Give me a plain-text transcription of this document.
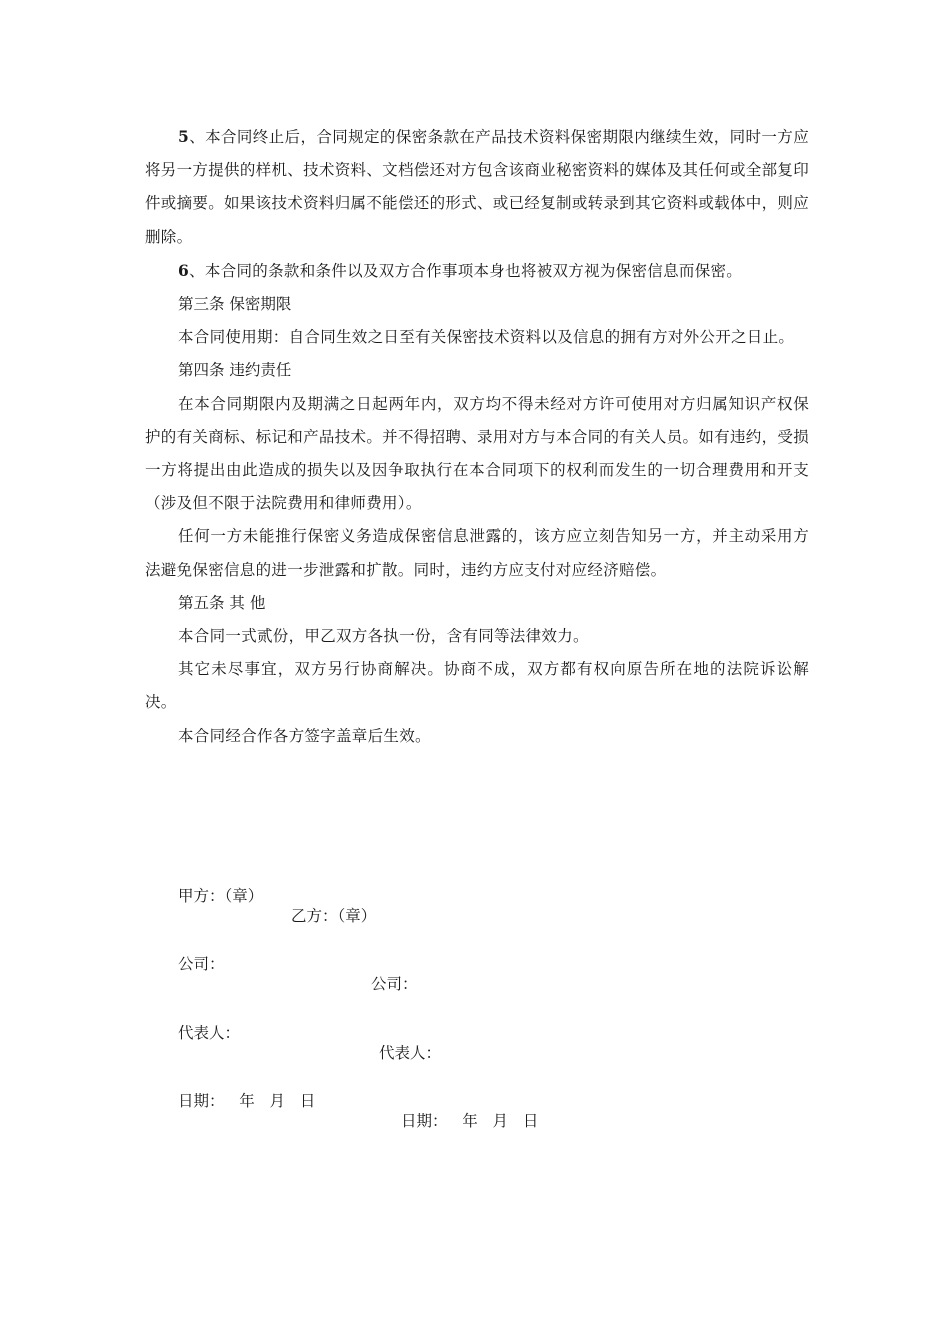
5、本合同终止后，合同规定的保密条款在产品技术资料保密期限内继续生效，同时一方应将另一方提供的样机、技术资料、文档偿还对方包含该商业秘密资料的媒体及其任何或全部复印件或摘要。如果该技术资料归属不能偿还的形式、或已经复制或转录到其它资料或载体中，则应删除。

6、本合同的条款和条件以及双方合作事项本身也将被双方视为保密信息而保密。

第三条 保密期限

本合同使用期：自合同生效之日至有关保密技术资料以及信息的拥有方对外公开之日止。

第四条 违约责任

在本合同期限内及期满之日起两年内，双方均不得未经对方许可使用对方归属知识产权保护的有关商标、标记和产品技术。并不得招聘、录用对方与本合同的有关人员。如有违约，受损一方将提出由此造成的损失以及因争取执行在本合同项下的权利而发生的一切合理费用和开支（涉及但不限于法院费用和律师费用）。

任何一方未能推行保密义务造成保密信息泄露的，该方应立刻告知另一方，并主动采用方法避免保密信息的进一步泄露和扩散。同时，违约方应支付对应经济赔偿。

第五条 其 他

本合同一式贰份，甲乙双方各执一份，含有同等法律效力。

其它未尽事宜，双方另行协商解决。协商不成，双方都有权向原告所在地的法院诉讼解决。

本合同经合作各方签字盖章后生效。

甲方：（章）

乙方：（章）

公司：

公司：

代表人：

代表人：

日期：   年   月   日

日期：   年   月   日
